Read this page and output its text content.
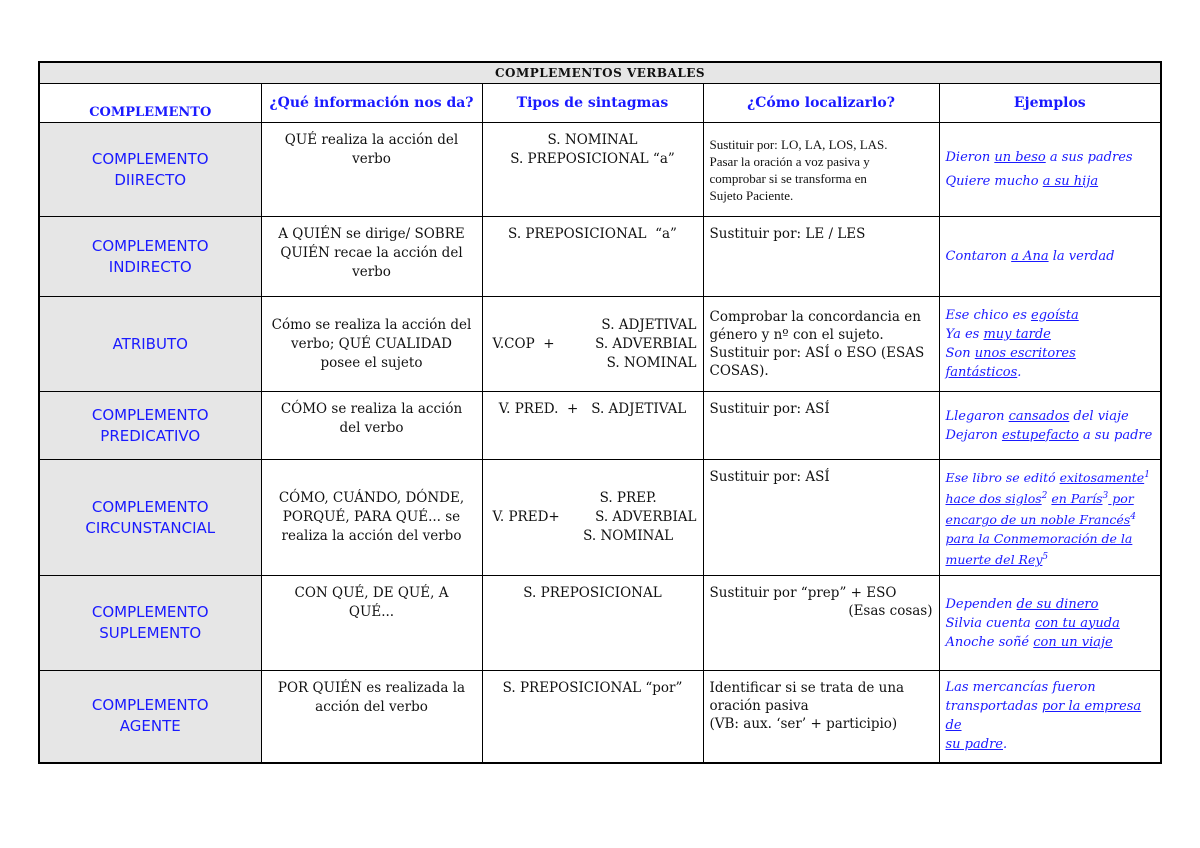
COMPLEMENTOS VERBALES				
COMPLEMENTO	¿Qué información nos da?	Tipos de sintagmas	¿Cómo localizarlo?	Ejemplos

COMPLEMENTO
DIIRECTO	QUÉ realiza la acción del
verbo	S. NOMINAL
S. PREPOSICIONAL “a”	Sustituir por: LO, LA, LOS, LAS.
Pasar la oración a voz pasiva y
comprobar si se transforma en
Sujeto Paciente.	Dieron un beso a sus padres
Quiere mucho a su hija

COMPLEMENTO
INDIRECTO	A QUIÉN se dirige/ SOBRE
QUIÉN recae la acción del
verbo	S. PREPOSICIONAL  “a”	Sustituir por: LE / LES	Contaron a Ana la verdad

ATRIBUTO	Cómo se realiza la acción del
verbo; QUÉ CUALIDAD
posee el sujeto	V.COP  +
S. ADJETIVAL
S. ADVERBIAL
S. NOMINAL	Comprobar la concordancia en
género y nº con el sujeto.
Sustituir por: ASÍ o ESO (ESAS
COSAS).	Ese chico es egoísta
Ya es muy tarde
Son unos escritores fantásticos.

COMPLEMENTO
PREDICATIVO	CÓMO se realiza la acción
del verbo	V. PRED.  +   S. ADJETIVAL	Sustituir por: ASÍ	Llegaron cansados del viaje
Dejaron estupefacto a su padre

COMPLEMENTO
CIRCUNSTANCIAL	CÓMO, CUÁNDO, DÓNDE,
PORQUÉ, PARA QUÉ... se
realiza la acción del verbo	V. PRED+
S. PREP.
S. ADVERBIAL
S. NOMINAL	Sustituir por: ASÍ	Ese libro se editó exitosamente$^1$
hace dos siglos$^2$ en París$^3$ por
encargo de un noble Francés$^4$
para la Conmemoración de la
muerte del Rey$^5$

COMPLEMENTO
SUPLEMENTO	CON QUÉ, DE QUÉ, A
QUÉ...	S. PREPOSICIONAL	Sustituir por “prep” + ESO
(Esas cosas)	Dependen de su dinero
Silvia cuenta con tu ayuda
Anoche soñé con un viaje

COMPLEMENTO
AGENTE	POR QUIÉN es realizada la
acción del verbo	S. PREPOSICIONAL “por”	Identificar si se trata de una
oración pasiva
(VB: aux. ‘ser’ + participio)	Las mercancías fueron
transportadas por la empresa de
su padre.
